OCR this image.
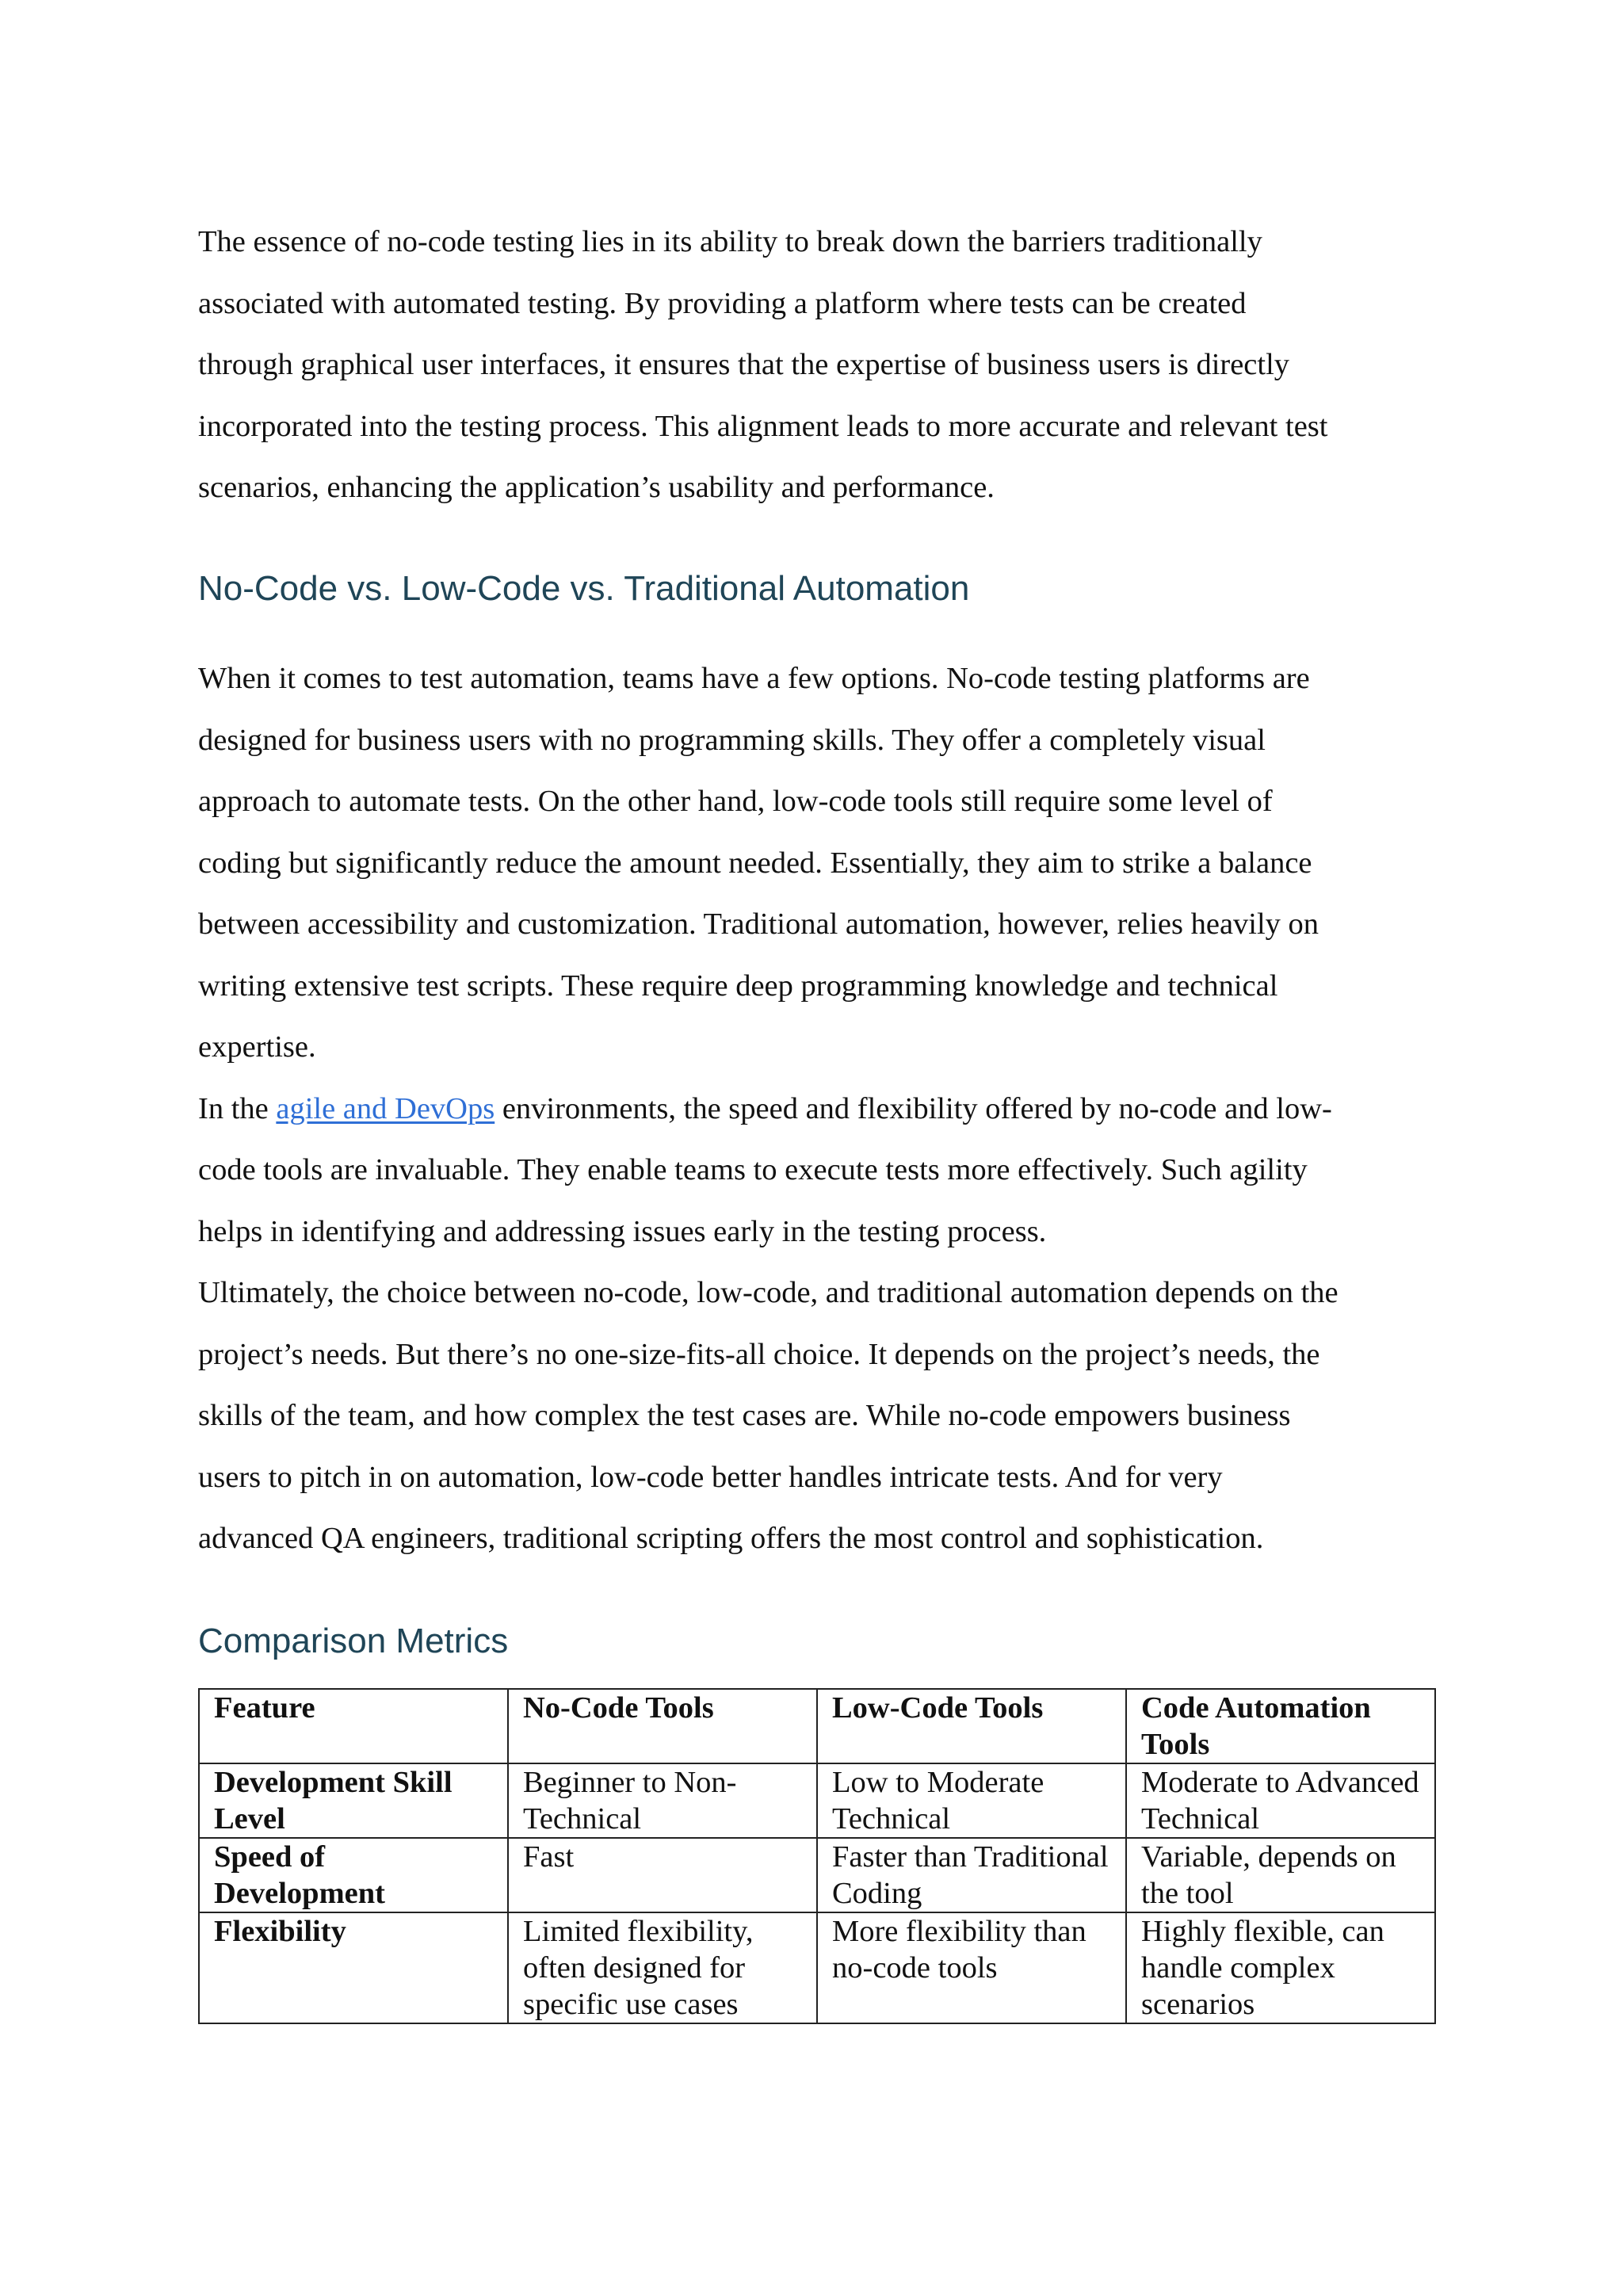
The essence of no-code testing lies in its ability to break down the barriers traditionally
associated with automated testing. By providing a platform where tests can be created
through graphical user interfaces, it ensures that the expertise of business users is directly
incorporated into the testing process. This alignment leads to more accurate and relevant test
scenarios, enhancing the application’s usability and performance.

No-Code vs. Low-Code vs. Traditional Automation

When it comes to test automation, teams have a few options. No-code testing platforms are
designed for business users with no programming skills. They offer a completely visual
approach to automate tests. On the other hand, low-code tools still require some level of
coding but significantly reduce the amount needed. Essentially, they aim to strike a balance
between accessibility and customization. Traditional automation, however, relies heavily on
writing extensive test scripts. These require deep programming knowledge and technical
expertise.
In the agile and DevOps environments, the speed and flexibility offered by no-code and low-
code tools are invaluable. They enable teams to execute tests more effectively. Such agility
helps in identifying and addressing issues early in the testing process.
Ultimately, the choice between no-code, low-code, and traditional automation depends on the
project’s needs. But there’s no one-size-fits-all choice. It depends on the project’s needs, the
skills of the team, and how complex the test cases are. While no-code empowers business
users to pitch in on automation, low-code better handles intricate tests. And for very
advanced QA engineers, traditional scripting offers the most control and sophistication.

Comparison Metrics
Feature	No-Code Tools	Low-Code Tools	Code Automation Tools
Development Skill Level	Beginner to Non-Technical	Low to Moderate Technical	Moderate to Advanced Technical
Speed of Development	Fast	Faster than Traditional Coding	Variable, depends on the tool
Flexibility	Limited flexibility, often designed for specific use cases	More flexibility than no-code tools	Highly flexible, can handle complex scenarios
